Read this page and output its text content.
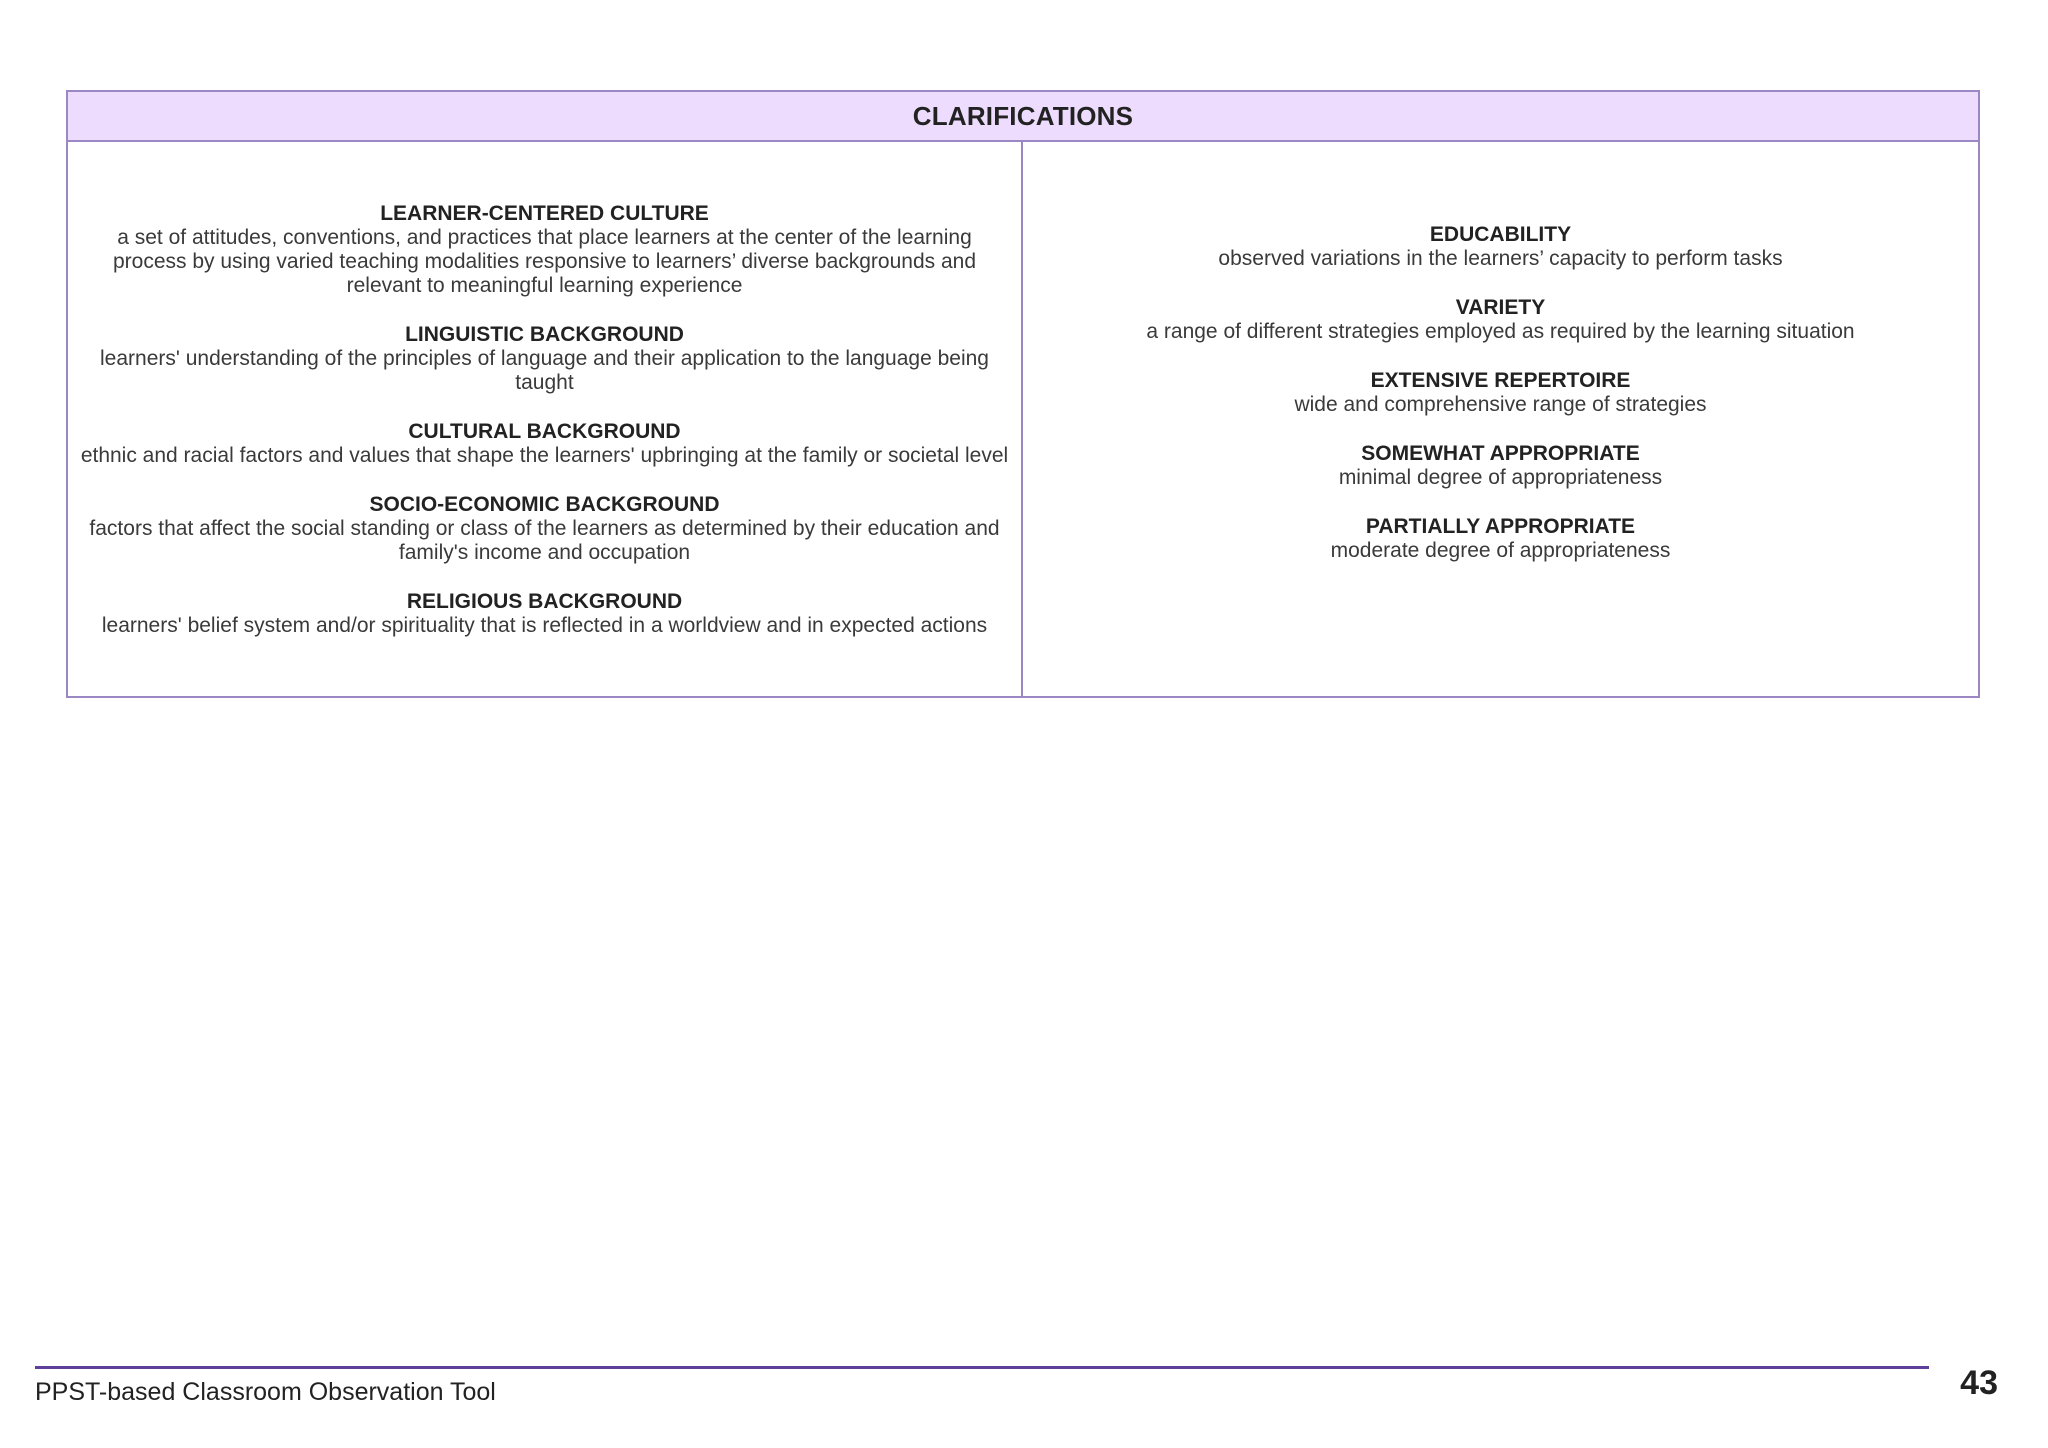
CLARIFICATIONS
LEARNER-CENTERED CULTURE
a set of attitudes, conventions, and practices that place learners at the center of the learning process by using varied teaching modalities responsive to learners’ diverse backgrounds and relevant to meaningful learning experience
LINGUISTIC BACKGROUND
learners' understanding of the principles of language and their application to the language being taught
CULTURAL BACKGROUND
ethnic and racial factors and values that shape the learners' upbringing at the family or societal level
SOCIO-ECONOMIC BACKGROUND
factors that affect the social standing or class of the learners as determined by their education and family's income and occupation
RELIGIOUS BACKGROUND
learners' belief system and/or spirituality that is reflected in a worldview and in expected actions
EDUCABILITY
observed variations in the learners’ capacity to perform tasks
VARIETY
a range of different strategies employed as required by the learning situation
EXTENSIVE REPERTOIRE
wide and comprehensive range of strategies
SOMEWHAT APPROPRIATE
minimal degree of appropriateness
PARTIALLY APPROPRIATE
moderate degree of appropriateness
PPST-based Classroom Observation Tool	43
